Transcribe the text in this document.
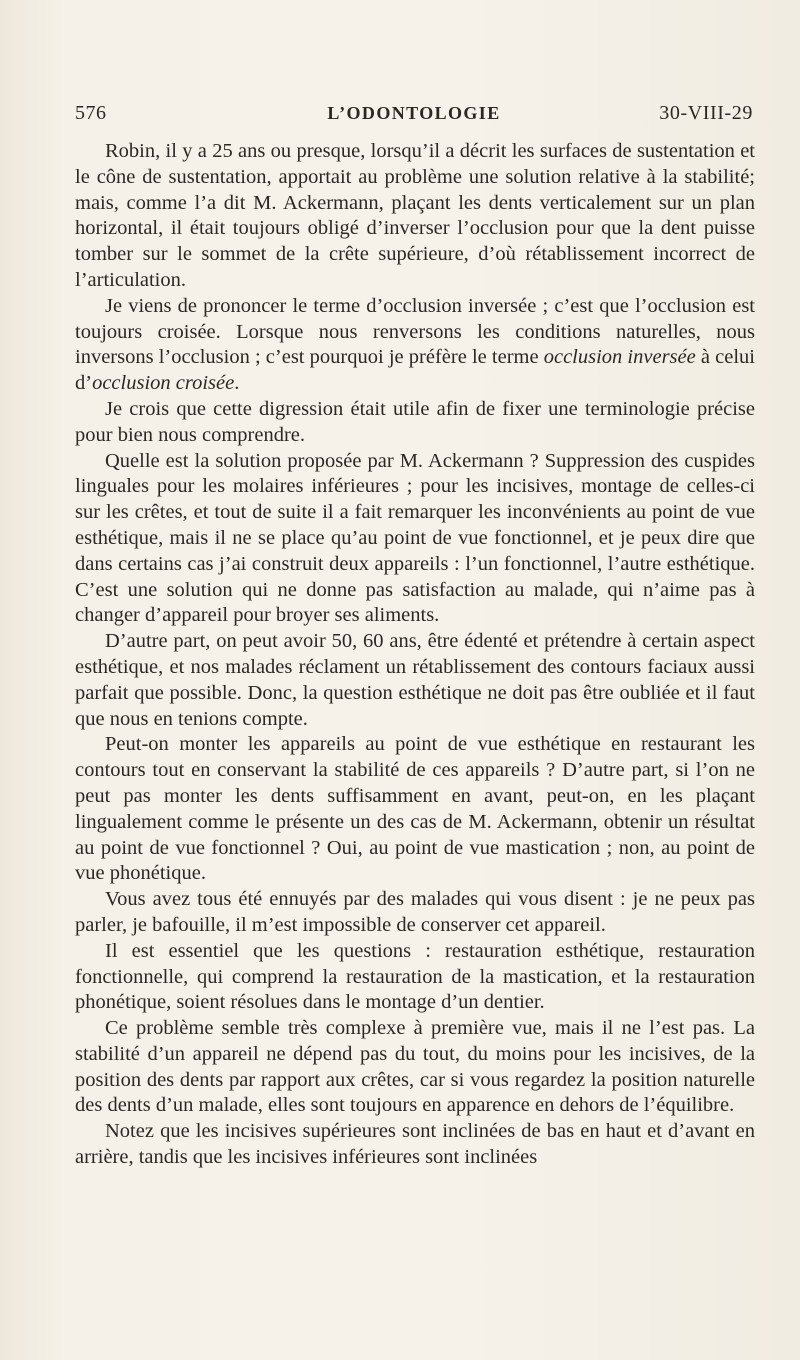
576	L’ODONTOLOGIE	30-VIII-29

Robin, il y a 25 ans ou presque, lorsqu’il a décrit les surfaces de sustentation et le cône de sustentation, apportait au problème une solution relative à la stabilité; mais, comme l’a dit M. Ackermann, plaçant les dents verticalement sur un plan horizontal, il était toujours obligé d’inverser l’occlusion pour que la dent puisse tomber sur le sommet de la crête supérieure, d’où rétablissement incorrect de l’articulation.

Je viens de prononcer le terme d’occlusion inversée ; c’est que l’occlusion est toujours croisée. Lorsque nous renversons les conditions naturelles, nous inversons l’occlusion ; c’est pourquoi je préfère le terme occlusion inversée à celui d’occlusion croisée.

Je crois que cette digression était utile afin de fixer une terminologie précise pour bien nous comprendre.

Quelle est la solution proposée par M. Ackermann ? Suppression des cuspides linguales pour les molaires inférieures ; pour les incisives, montage de celles-ci sur les crêtes, et tout de suite il a fait remarquer les inconvénients au point de vue esthétique, mais il ne se place qu’au point de vue fonctionnel, et je peux dire que dans certains cas j’ai construit deux appareils : l’un fonctionnel, l’autre esthétique. C’est une solution qui ne donne pas satisfaction au malade, qui n’aime pas à changer d’appareil pour broyer ses aliments.

D’autre part, on peut avoir 50, 60 ans, être édenté et prétendre à certain aspect esthétique, et nos malades réclament un rétablissement des contours faciaux aussi parfait que possible. Donc, la question esthétique ne doit pas être oubliée et il faut que nous en tenions compte.

Peut-on monter les appareils au point de vue esthétique en restaurant les contours tout en conservant la stabilité de ces appareils ? D’autre part, si l’on ne peut pas monter les dents suffisamment en avant, peut-on, en les plaçant lingualement comme le présente un des cas de M. Ackermann, obtenir un résultat au point de vue fonctionnel ? Oui, au point de vue mastication ; non, au point de vue phonétique.

Vous avez tous été ennuyés par des malades qui vous disent : je ne peux pas parler, je bafouille, il m’est impossible de conserver cet appareil.

Il est essentiel que les questions : restauration esthétique, restauration fonctionnelle, qui comprend la restauration de la mastication, et la restauration phonétique, soient résolues dans le montage d’un dentier.

Ce problème semble très complexe à première vue, mais il ne l’est pas. La stabilité d’un appareil ne dépend pas du tout, du moins pour les incisives, de la position des dents par rapport aux crêtes, car si vous regardez la position naturelle des dents d’un malade, elles sont toujours en apparence en dehors de l’équilibre.

Notez que les incisives supérieures sont inclinées de bas en haut et d’avant en arrière, tandis que les incisives inférieures sont inclinées
